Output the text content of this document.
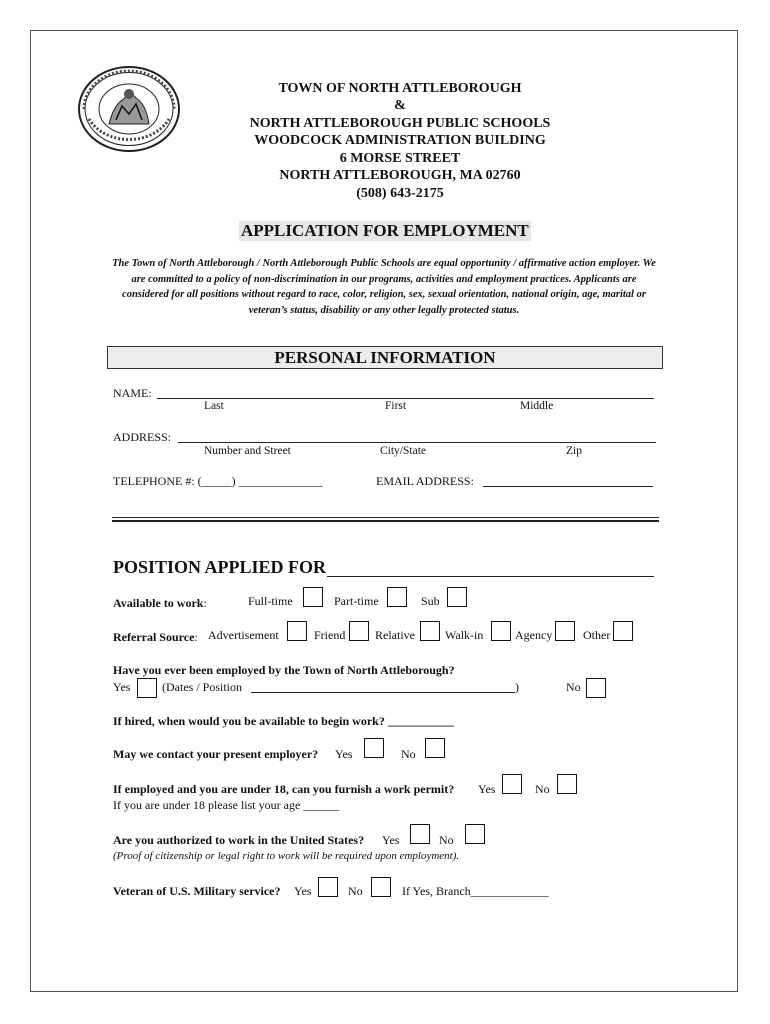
TOWN OF NORTH ATTLEBOROUGH
&
NORTH ATTLEBOROUGH PUBLIC SCHOOLS
WOODCOCK ADMINISTRATION BUILDING
6 MORSE STREET
NORTH ATTLEBOROUGH, MA 02760
(508) 643-2175
APPLICATION FOR EMPLOYMENT
The Town of North Attleborough / North Attleborough Public Schools are equal opportunity / affirmative action employer. We are committed to a policy of non-discrimination in our programs, activities and employment practices. Applicants are considered for all positions without regard to race, color, religion, sex, sexual orientation, national origin, age, marital or veteran’s status, disability or any other legally protected status.
PERSONAL INFORMATION
NAME:
Last	First	Middle
ADDRESS:
Number and Street	City/State	Zip
TELEPHONE #: (_____) ______________	EMAIL ADDRESS:
POSITION APPLIED FOR
Available to work:	Full-time	Part-time	Sub
Referral Source: Advertisement	Friend Relative	Walk-in	Agency	Other
Have you ever been employed by the Town of North Attleborough?
Yes	(Dates / Position	)	No
If hired, when would you be available to begin work? ___________
May we contact your present employer? Yes	No
If employed and you are under 18, can you furnish a work permit? Yes	No
If you are under 18 please list your age ______
Are you authorized to work in the United States? Yes	No
(Proof of citizenship or legal right to work will be required upon employment).
Veteran of U.S. Military service? Yes	No	If Yes, Branch_____________
